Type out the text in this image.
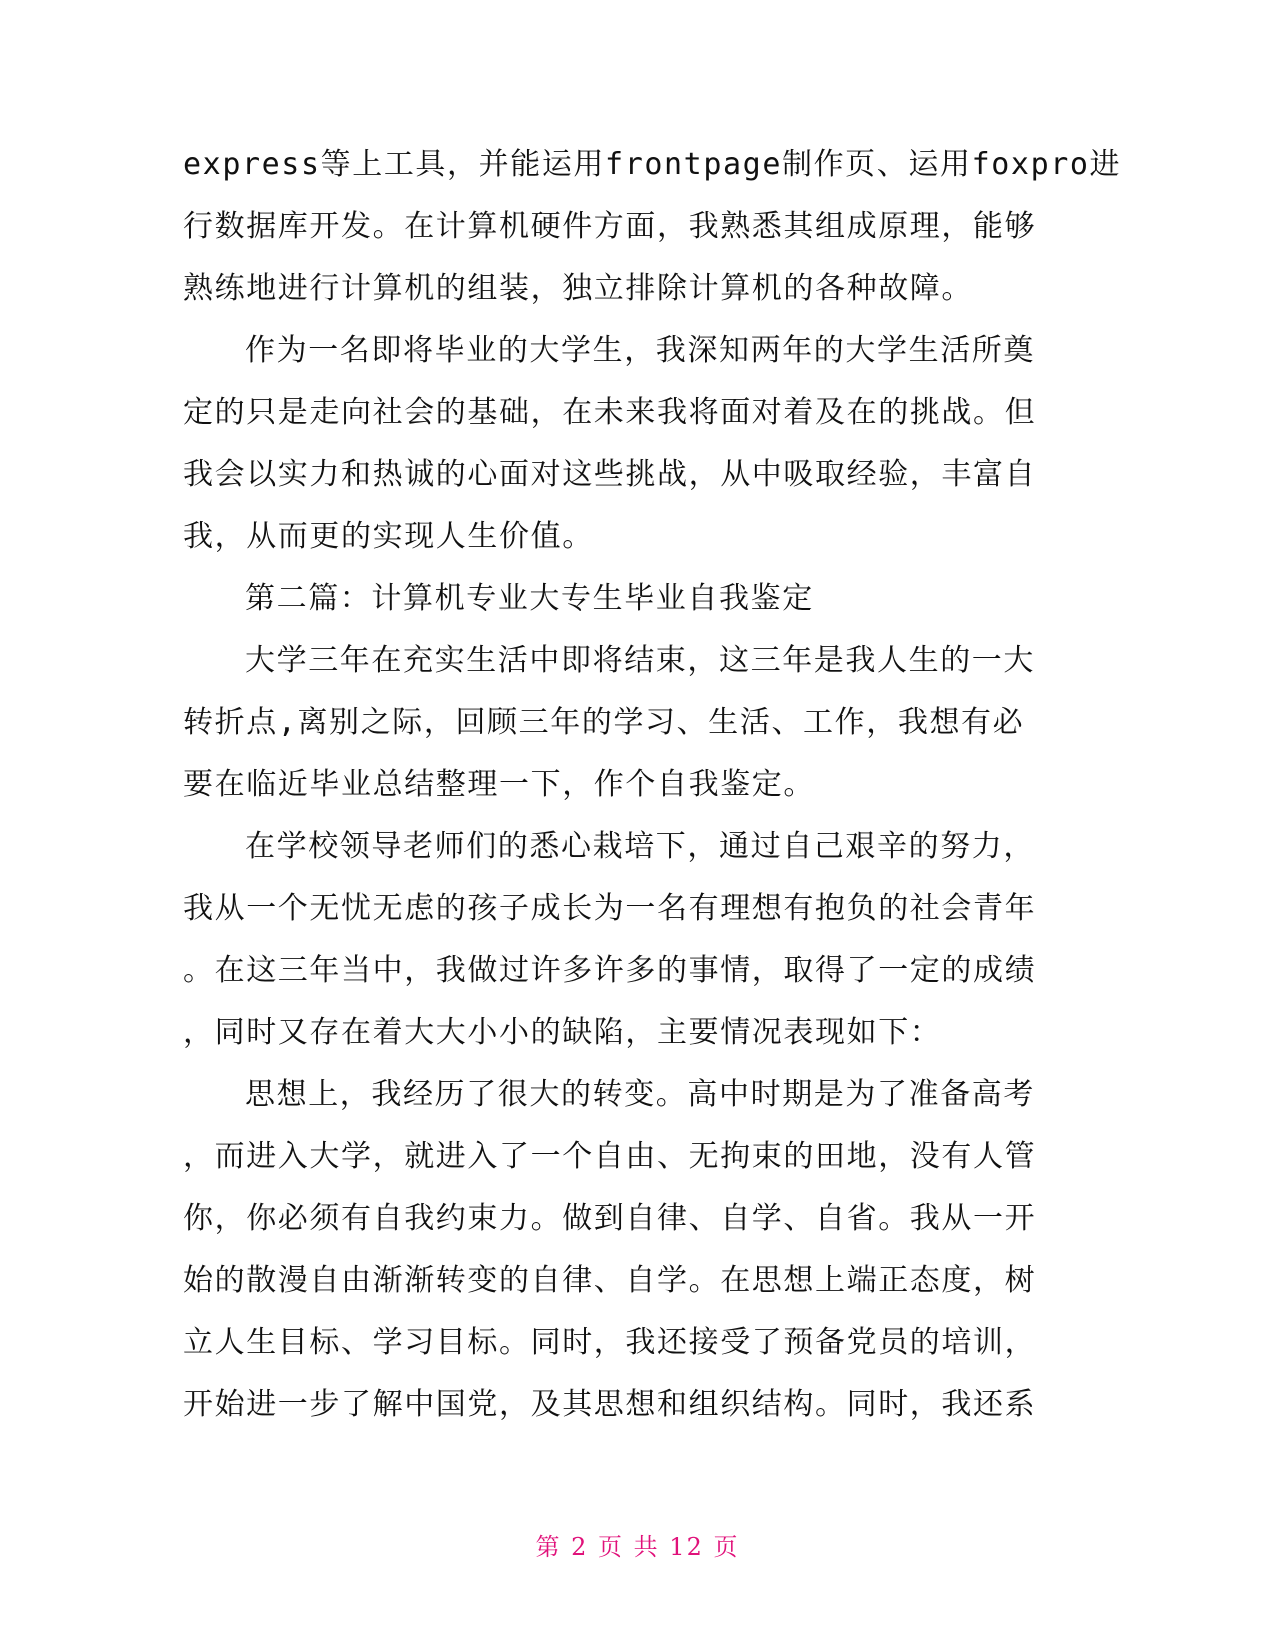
express等上工具，并能运用frontpage制作页、运用foxpro进
行数据库开发。在计算机硬件方面，我熟悉其组成原理，能够
熟练地进行计算机的组装，独立排除计算机的各种故障。
作为一名即将毕业的大学生，我深知两年的大学生活所奠
定的只是走向社会的基础，在未来我将面对着及在的挑战。但
我会以实力和热诚的心面对这些挑战，从中吸取经验，丰富自
我，从而更的实现人生价值。
第二篇：计算机专业大专生毕业自我鉴定
大学三年在充实生活中即将结束，这三年是我人生的一大
转折点,离别之际，回顾三年的学习、生活、工作，我想有必
要在临近毕业总结整理一下，作个自我鉴定。
在学校领导老师们的悉心栽培下，通过自己艰辛的努力，
我从一个无忧无虑的孩子成长为一名有理想有抱负的社会青年
。在这三年当中，我做过许多许多的事情，取得了一定的成绩
，同时又存在着大大小小的缺陷，主要情况表现如下：
思想上，我经历了很大的转变。高中时期是为了准备高考
，而进入大学，就进入了一个自由、无拘束的田地，没有人管
你，你必须有自我约束力。做到自律、自学、自省。我从一开
始的散漫自由渐渐转变的自律、自学。在思想上端正态度，树
立人生目标、学习目标。同时，我还接受了预备党员的培训，
开始进一步了解中国党，及其思想和组织结构。同时，我还系
第 2 页 共 12 页
